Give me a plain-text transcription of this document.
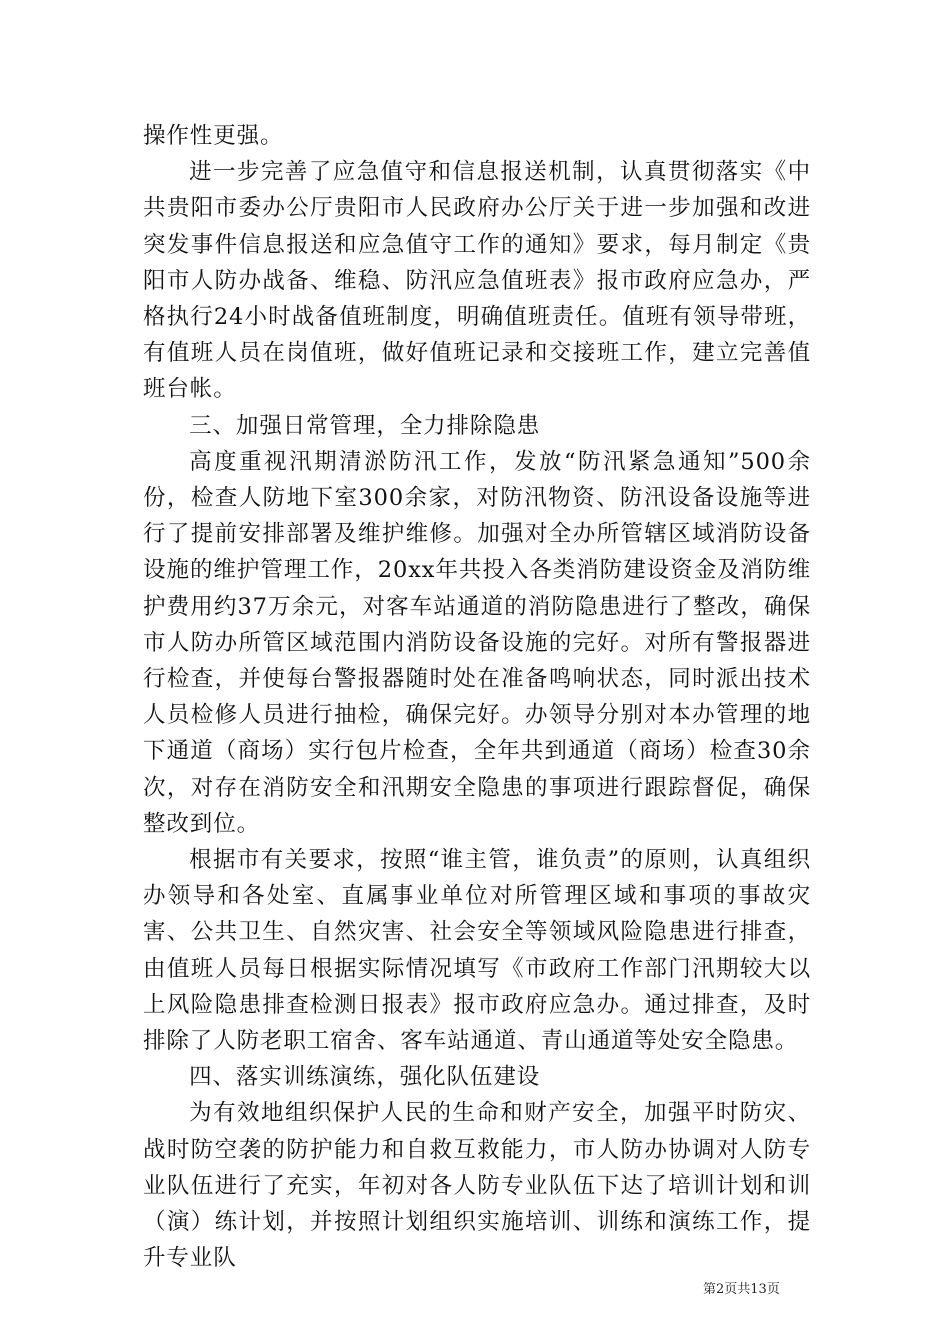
操作性更强。

进一步完善了应急值守和信息报送机制，认真贯彻落实《中共贵阳市委办公厅贵阳市人民政府办公厅关于进一步加强和改进突发事件信息报送和应急值守工作的通知》要求，每月制定《贵阳市人防办战备、维稳、防汛应急值班表》报市政府应急办，严格执行24小时战备值班制度，明确值班责任。值班有领导带班，有值班人员在岗值班，做好值班记录和交接班工作，建立完善值班台帐。

三、加强日常管理，全力排除隐患

高度重视汛期清淤防汛工作，发放“防汛紧急通知”500余份，检查人防地下室300余家，对防汛物资、防汛设备设施等进行了提前安排部署及维护维修。加强对全办所管辖区域消防设备设施的维护管理工作，20xx年共投入各类消防建设资金及消防维护费用约37万余元，对客车站通道的消防隐患进行了整改，确保市人防办所管区域范围内消防设备设施的完好。对所有警报器进行检查，并使每台警报器随时处在准备鸣响状态，同时派出技术人员检修人员进行抽检，确保完好。办领导分别对本办管理的地下通道（商场）实行包片检查，全年共到通道（商场）检查30余次，对存在消防安全和汛期安全隐患的事项进行跟踪督促，确保整改到位。

根据市有关要求，按照“谁主管，谁负责”的原则，认真组织办领导和各处室、直属事业单位对所管理区域和事项的事故灾害、公共卫生、自然灾害、社会安全等领域风险隐患进行排查，由值班人员每日根据实际情况填写《市政府工作部门汛期较大以上风险隐患排查检测日报表》报市政府应急办。通过排查，及时排除了人防老职工宿舍、客车站通道、青山通道等处安全隐患。

四、落实训练演练，强化队伍建设

为有效地组织保护人民的生命和财产安全，加强平时防灾、战时防空袭的防护能力和自救互救能力，市人防办协调对人防专业队伍进行了充实，年初对各人防专业队伍下达了培训计划和训（演）练计划，并按照计划组织实施培训、训练和演练工作，提升专业队

第2页共13页
